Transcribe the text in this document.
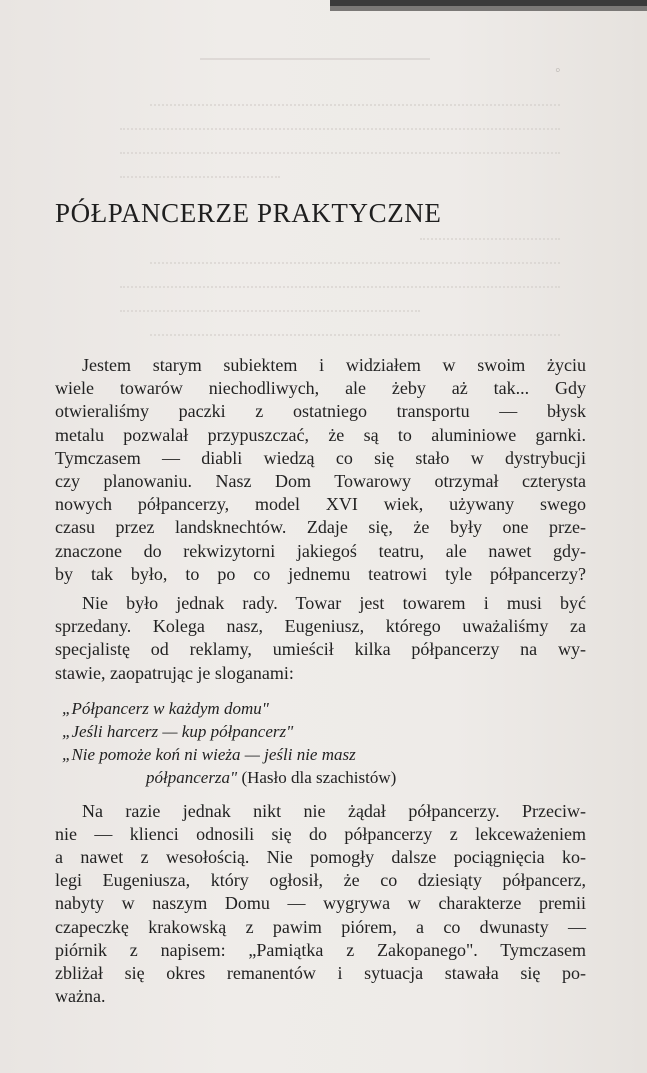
◦
PÓŁPANCERZE PRAKTYCZNE
Jestem starym subiektem i widziałem w swoim życiu
wiele towarów niechodliwych, ale żeby aż tak... Gdy
otwieraliśmy paczki z ostatniego transportu — błysk
metalu pozwalał przypuszczać, że są to aluminiowe garnki.
Tymczasem — diabli wiedzą co się stało w dystrybucji
czy planowaniu. Nasz Dom Towarowy otrzymał czterysta
nowych półpancerzy, model XVI wiek, używany swego
czasu przez landsknechtów. Zdaje się, że były one prze-
znaczone do rekwizytorni jakiegoś teatru, ale nawet gdy-
by tak było, to po co jednemu teatrowi tyle półpancerzy?
Nie było jednak rady. Towar jest towarem i musi być
sprzedany. Kolega nasz, Eugeniusz, którego uważaliśmy za
specjalistę od reklamy, umieścił kilka półpancerzy na wy-
stawie, zaopatrując je sloganami:
„Półpancerz w każdym domu"
„Jeśli harcerz — kup półpancerz"
„Nie pomoże koń ni wieża — jeśli nie masz
półpancerza" (Hasło dla szachistów)
Na razie jednak nikt nie żądał półpancerzy. Przeciw-
nie — klienci odnosili się do półpancerzy z lekceważeniem
a nawet z wesołością. Nie pomogły dalsze pociągnięcia ko-
legi Eugeniusza, który ogłosił, że co dziesiąty półpancerz,
nabyty w naszym Domu — wygrywa w charakterze premii
czapeczkę krakowską z pawim piórem, a co dwunasty —
piórnik z napisem: „Pamiątka z Zakopanego". Tymczasem
zbliżał się okres remanentów i sytuacja stawała się po-
ważna.
